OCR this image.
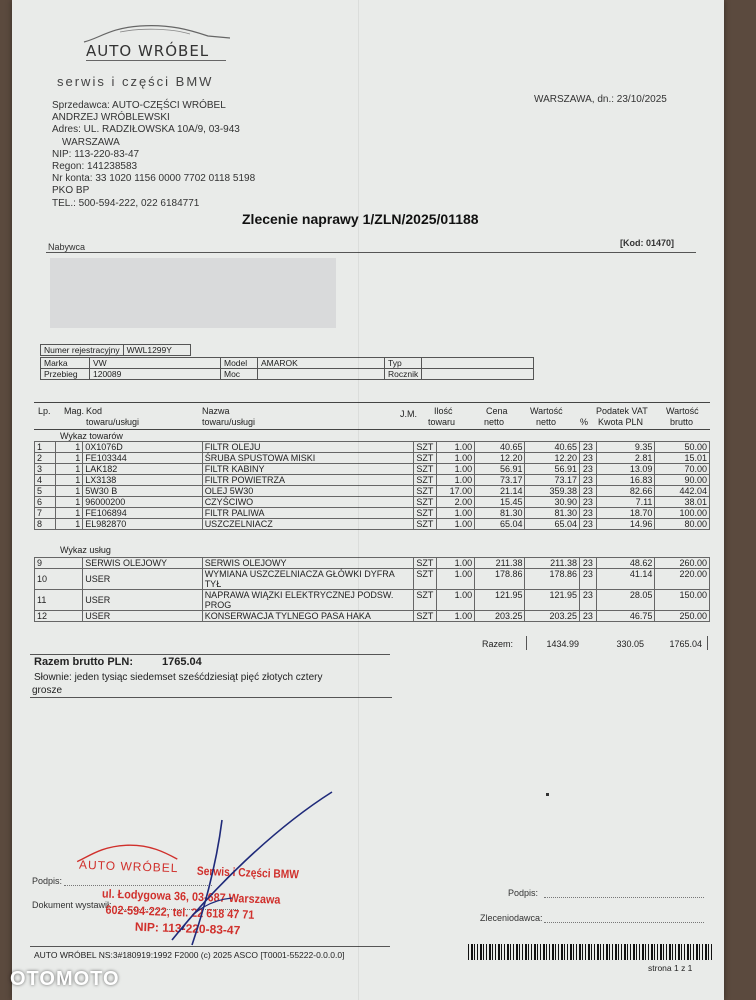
AUTO WRÓBEL
serwis i części BMW
Sprzedawca: AUTO-CZĘŚCI WRÓBEL
ANDRZEJ WRÓBLEWSKI
Adres: UL. RADZIŁOWSKA 10A/9, 03-943
WARSZAWA
NIP: 113-220-83-47
Regon: 141238583
Nr konta: 33 1020 1156 0000 7702 0118 5198
PKO BP
TEL.: 500-594-222, 022 6184771
WARSZAWA, dn.: 23/10/2025
Zlecenie naprawy 1/ZLN/2025/01188
Nabywca	[Kod: 01470]
Numer rejestracyjny	WWL1299Y
Marka	VW	Model	AMAROK	Typ	
Przebieg	120089	Moc		Rocznik	
Lp. Mag. Kod
towaru/usługi
Nazwa
towaru/usługi
J.M. Ilość
towaru
Cena
netto
Wartość
netto
Podatek VAT
% Kwota PLN
Wartość
brutto
Wykaz towarów
1	1	0X1076D	FILTR OLEJU	SZT	1.00	40.65	40.65	23	9.35	50.00
2	1	FE103344	ŚRUBA SPUSTOWA MISKI	SZT	1.00	12.20	12.20	23	2.81	15.01
3	1	LAK182	FILTR KABINY	SZT	1.00	56.91	56.91	23	13.09	70.00
4	1	LX3138	FILTR POWIETRZA	SZT	1.00	73.17	73.17	23	16.83	90.00
5	1	5W30 B	OLEJ 5W30	SZT	17.00	21.14	359.38	23	82.66	442.04
6	1	96000200	CZYŚCIWO	SZT	2.00	15.45	30.90	23	7.11	38.01
7	1	FE106894	FILTR PALIWA	SZT	1.00	81.30	81.30	23	18.70	100.00
8	1	EL982870	USZCZELNIACZ	SZT	1.00	65.04	65.04	23	14.96	80.00
Wykaz usług
9	SERWIS OLEJOWY	SERWIS OLEJOWY	SZT	1.00	211.38	211.38	23	48.62	260.00
10	USER	WYMIANA USZCZELNIACZA GŁÓWKI DYFRA
TYŁ	SZT	1.00	178.86	178.86	23	41.14	220.00
11	USER	NAPRAWA WIĄZKI ELEKTRYCZNEJ PODSW.
PROG	SZT	1.00	121.95	121.95	23	28.05	150.00
12	USER	KONSERWACJA TYLNEGO PASA HAKA	SZT	1.00	203.25	203.25	23	46.75	250.00
Razem:	1434.99	330.05	1765.04
Razem brutto PLN:	1765.04
Słownie: jeden tysiąc siedemset sześćdziesiąt pięć złotych cztery
grosze
Podpis:
Dokument wystawił:
Podpis:
Zleceniodawca:
AUTO WRÓBEL Serwis i Części BMW
ul. Łodygowa 36, 03-687 Warszawa
602-594-222, tel. 22 618 47 71
NIP: 113-220-83-47
AUTO WRÓBEL NS:3#180919:1992 F2000 (c) 2025 ASCO [T0001-55222-0.0.0.0]
strona 1 z 1
OTOMOTO
